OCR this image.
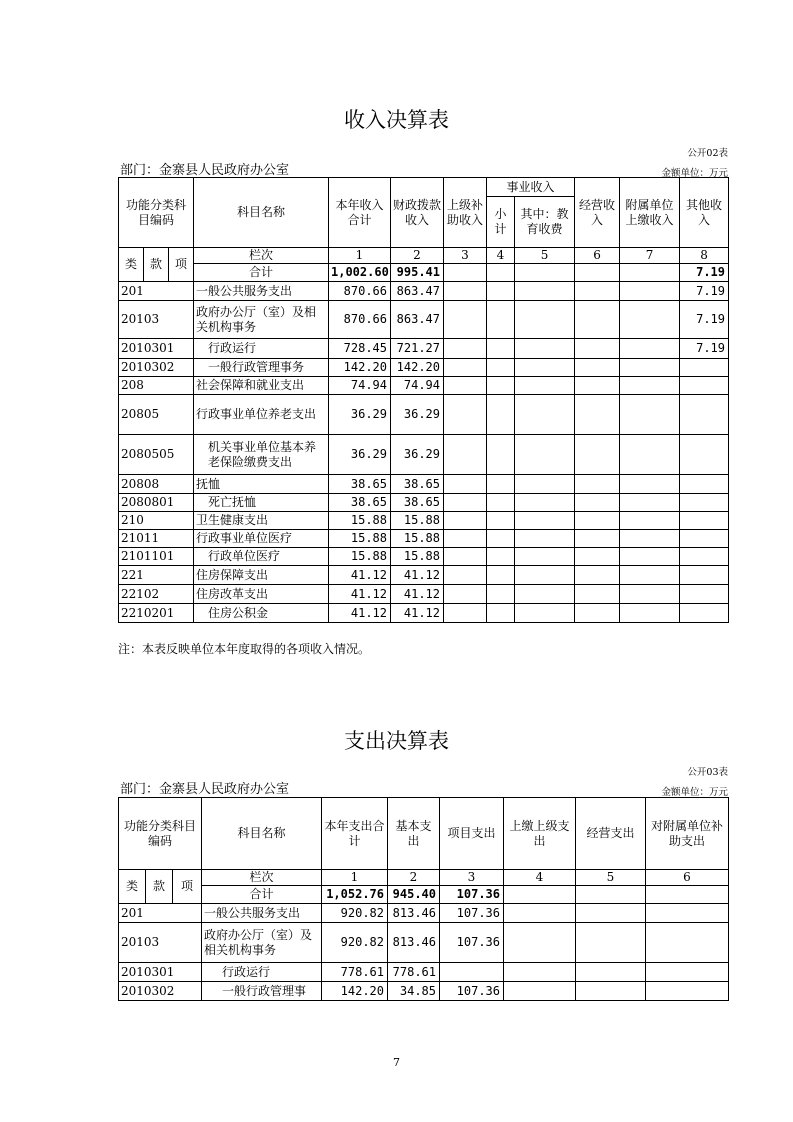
收入决算表
公开02表
部门：金寨县人民政府办公室	金额单位：万元
功能分类科目编码			科目名称	本年收入合计	财政拨款收入	上级补助收入	事业收入		经营收入	附属单位上缴收入	其他收入
							小计	其中：教育收费			
类	款	项	栏次	1	2	3	4	5	6	7	8
			合计	1,002.60	995.41						7.19
201			一般公共服务支出	870.66	863.47						7.19
20103			政府办公厅（室）及相关机构事务	870.66	863.47						7.19
2010301			行政运行	728.45	721.27						7.19
2010302			一般行政管理事务	142.20	142.20						
208			社会保障和就业支出	74.94	74.94						
20805			行政事业单位养老支出	36.29	36.29						
2080505			机关事业单位基本养老保险缴费支出	36.29	36.29						
20808			抚恤	38.65	38.65						
2080801			死亡抚恤	38.65	38.65						
210			卫生健康支出	15.88	15.88						
21011			行政事业单位医疗	15.88	15.88						
2101101			行政单位医疗	15.88	15.88						
221			住房保障支出	41.12	41.12						
22102			住房改革支出	41.12	41.12						
2210201			住房公积金	41.12	41.12						
注：本表反映单位本年度取得的各项收入情况。
支出决算表
公开03表
部门：金寨县人民政府办公室	金额单位：万元
功能分类科目编码			科目名称	本年支出合计	基本支出	项目支出	上缴上级支出	经营支出	对附属单位补助支出
类	款	项	栏次	1	2	3	4	5	6
			合计	1,052.76	945.40	107.36			
201			一般公共服务支出	920.82	813.46	107.36			
20103			政府办公厅（室）及相关机构事务	920.82	813.46	107.36			
2010301			行政运行	778.61	778.61				
2010302			一般行政管理事	142.20	34.85	107.36			
7
